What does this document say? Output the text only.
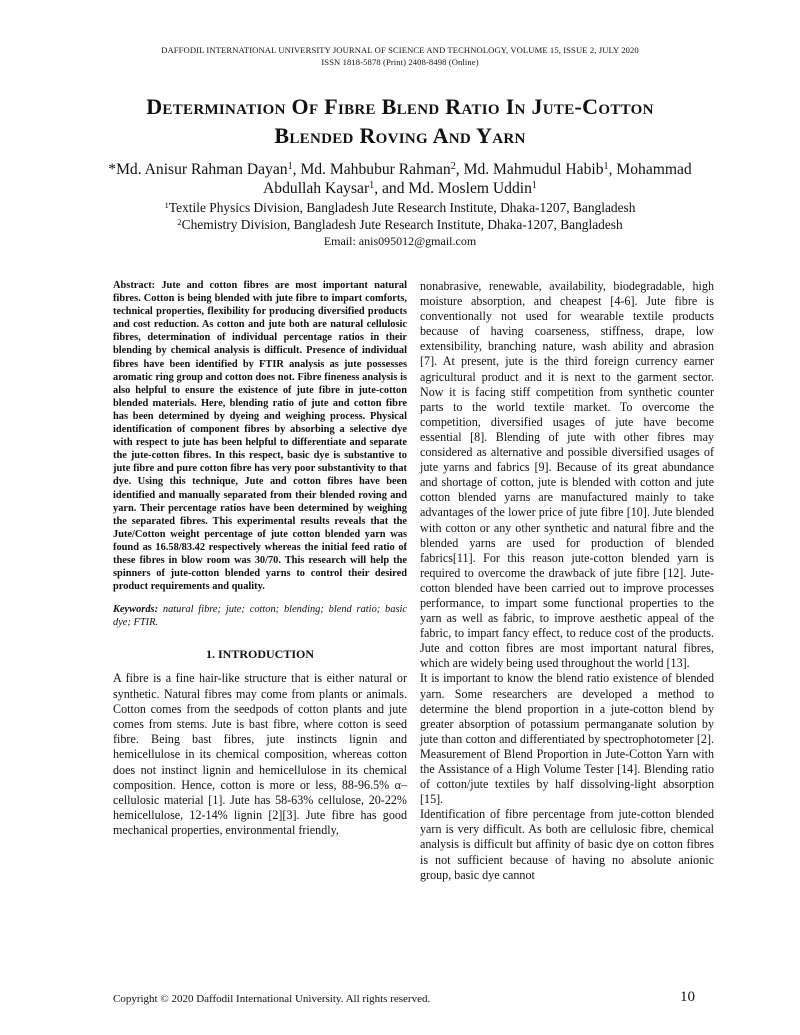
DAFFODIL INTERNATIONAL UNIVERSITY JOURNAL OF SCIENCE AND TECHNOLOGY, VOLUME 15, ISSUE 2, JULY 2020
ISSN 1818-5878 (Print) 2408-8498 (Online)
Determination Of Fibre Blend Ratio In Jute-Cotton
Blended Roving And Yarn
*Md. Anisur Rahman Dayan$^1$, Md. Mahbubur Rahman$^2$, Md. Mahmudul Habib$^1$, Mohammad
Abdullah Kaysar$^1$, and Md. Moslem Uddin$^1$
$^1$Textile Physics Division, Bangladesh Jute Research Institute, Dhaka-1207, Bangladesh
$^2$Chemistry Division, Bangladesh Jute Research Institute, Dhaka-1207, Bangladesh
Email: anis095012@gmail.com

Abstract: Jute and cotton fibres are most important natural fibres. Cotton is being blended with jute fibre to impart comforts, technical properties, flexibility for producing diversified products and cost reduction. As cotton and jute both are natural cellulosic fibres, determination of individual percentage ratios in their blending by chemical analysis is difficult. Presence of individual fibres have been identified by FTIR analysis as jute possesses aromatic ring group and cotton does not. Fibre fineness analysis is also helpful to ensure the existence of jute fibre in jute-cotton blended materials. Here, blending ratio of jute and cotton fibre has been determined by dyeing and weighing process. Physical identification of component fibres by absorbing a selective dye with respect to jute has been helpful to differentiate and separate the jute-cotton fibres. In this respect, basic dye is substantive to jute fibre and pure cotton fibre has very poor substantivity to that dye. Using this technique, Jute and cotton fibres have been identified and manually separated from their blended roving and yarn. Their percentage ratios have been determined by weighing the separated fibres. This experimental results reveals that the Jute/Cotton weight percentage of jute cotton blended yarn was found as 16.58/83.42 respectively whereas the initial feed ratio of these fibres in blow room was 30/70. This research will help the spinners of jute-cotton blended yarns to control their desired product requirements and quality.

Keywords: natural fibre; jute; cotton; blending; blend ratio; basic dye; FTIR.

1. INTRODUCTION

A fibre is a fine hair-like structure that is either natural or synthetic. Natural fibres may come from plants or animals. Cotton comes from the seedpods of cotton plants and jute comes from stems. Jute is bast fibre, where cotton is seed fibre. Being bast fibres, jute instincts lignin and hemicellulose in its chemical composition, whereas cotton does not instinct lignin and hemicellulose in its chemical composition. Hence, cotton is more or less, 88-96.5% α–cellulosic material [1]. Jute has 58-63% cellulose, 20-22% hemicellulose, 12-14% lignin [2][3]. Jute fibre has good mechanical properties, environmental friendly,

nonabrasive, renewable, availability, biodegradable, high moisture absorption, and cheapest [4-6]. Jute fibre is conventionally not used for wearable textile products because of having coarseness, stiffness, drape, low extensibility, branching nature, wash ability and abrasion [7]. At present, jute is the third foreign currency earner agricultural product and it is next to the garment sector. Now it is facing stiff competition from synthetic counter parts to the world textile market. To overcome the competition, diversified usages of jute have become essential [8]. Blending of jute with other fibres may considered as alternative and possible diversified usages of jute yarns and fabrics [9]. Because of its great abundance and shortage of cotton, jute is blended with cotton and jute cotton blended yarns are manufactured mainly to take advantages of the lower price of jute fibre [10]. Jute blended with cotton or any other synthetic and natural fibre and the blended yarns are used for production of blended fabrics[11]. For this reason jute-cotton blended yarn is required to overcome the drawback of jute fibre [12]. Jute-cotton blended have been carried out to improve processes performance, to impart some functional properties to the yarn as well as fabric, to improve aesthetic appeal of the fabric, to impart fancy effect, to reduce cost of the products. Jute and cotton fibres are most important natural fibres, which are widely being used throughout the world [13].

It is important to know the blend ratio existence of blended yarn. Some researchers are developed a method to determine the blend proportion in a jute-cotton blend by greater absorption of potassium permanganate solution by jute than cotton and differentiated by spectrophotometer [2]. Measurement of Blend Proportion in Jute-Cotton Yarn with the Assistance of a High Volume Tester [14]. Blending ratio of cotton/jute textiles by half dissolving-light absorption [15].

Identification of fibre percentage from jute-cotton blended yarn is very difficult. As both are cellulosic fibre, chemical analysis is difficult but affinity of basic dye on cotton fibres is not sufficient because of having no absolute anionic group, basic dye cannot

Copyright © 2020 Daffodil International University. All rights reserved.	10
